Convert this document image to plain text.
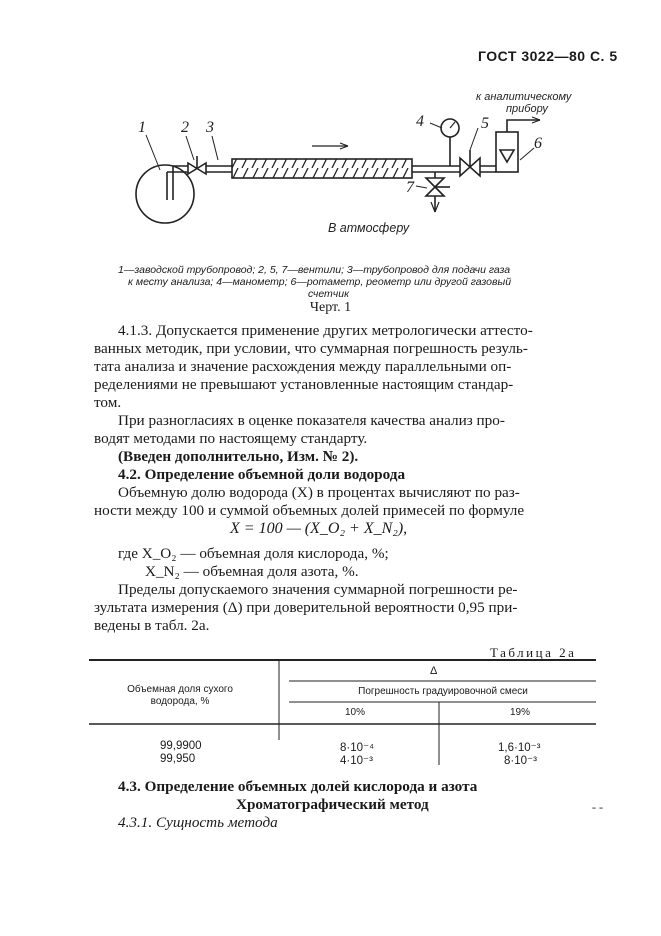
ГОСТ 3022—80 С. 5
1 2 3	4	5
6
7
к аналитическому
прибору
В атмосферу
1—заводской трубопровод; 2, 5, 7—вентили; 3—трубопровод для подачи газа
к месту анализа; 4—манометр; 6—ротаметр, реометр или другой газовый
счетчик
Черт. 1
4.1.3. Допускается применение других метрологически аттесто-
ванных методик, при условии, что суммарная погрешность резуль-
тата анализа и значение расхождения между параллельными оп-
ределениями не превышают установленные настоящим стандар-
том.
При разногласиях в оценке показателя качества анализ про-
водят методами по настоящему стандарту.
(Введен дополнительно, Изм. № 2).
4.2. Определение объемной доли водорода
Объемную долю водорода (X) в процентах вычисляют по раз-
ности между 100 и суммой объемных долей примесей по формуле
X = 100 — (X_O₂ + X_N₂),
где X_O₂ — объемная доля кислорода, %;
X_N₂ — объемная доля азота, %.
Пределы допускаемого значения суммарной погрешности ре-
зультата измерения (Δ) при доверительной вероятности 0,95 при-
ведены в табл. 2а.
Таблица 2а
Объемная доля сухого
водорода, %
Δ
Погрешность градуировочной смеси
10%	19%
99,9900	8·10⁻⁴	1,6·10⁻³
99,950	4·10⁻³	8·10⁻³
4.3. Определение объемных долей кислорода и азота
Хроматографический метод	- -
4.3.1. Сущность метода
